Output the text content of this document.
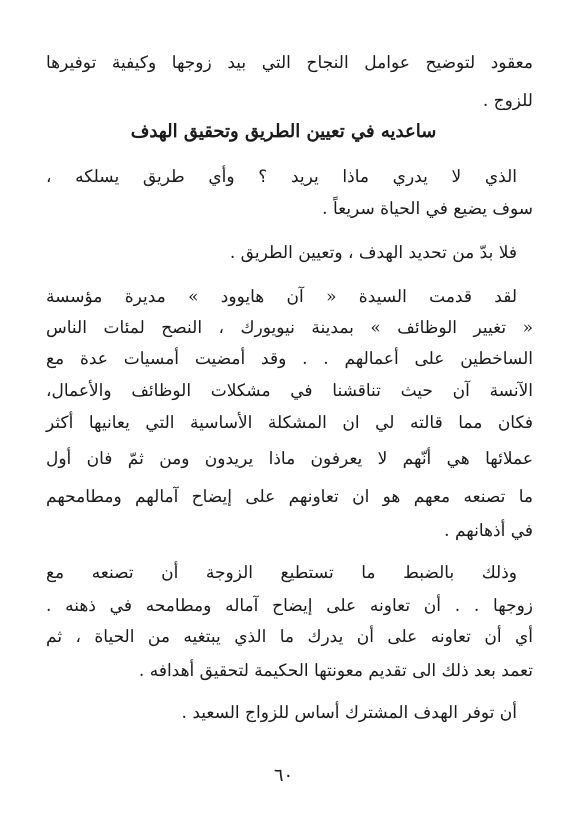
معقود لتوضيح عوامل النجاح التي بيد زوجها وكيفية توفيرها
للزوج .
ساعديه في تعيين الطريق وتحقيق الهدف
الذي لا يدري ماذا يريد ؟ وأي طريق يسلكه ،
سوف يضيع في الحياة سريعاً .
فلا بدّ من تحديد الهدف ، وتعيين الطريق .
لقد قدمت السيدة « آن هايوود » مديرة مؤسسة
« تغيير الوظائف » بمدينة نيويورك ، النصح لمئات الناس
الساخطين على أعمالهم . . وقد أمضيت أمسيات عدة مع
الآنسة آن حيث تناقشنا في مشكلات الوظائف والأعمال،
فكان مما قالته لي ان المشكلة الأساسية التي يعانيها أكثر
عملائها هي أنّهم لا يعرفون ماذا يريدون ومن ثمّ فان أول
ما تصنعه معهم هو ان تعاونهم على إيضاح آمالهم ومطامحهم
في أذهانهم .
وذلك بالضبط ما تستطيع الزوجة أن تصنعه مع
زوجها . . أن تعاونه على إيضاح آماله ومطامحه في ذهنه .
أي أن تعاونه على أن يدرك ما الذي يبتغيه من الحياة ، ثم
تعمد بعد ذلك الى تقديم معونتها الحكيمة لتحقيق أهدافه .
أن توفر الهدف المشترك أساس للزواج السعيد .
٦٠
